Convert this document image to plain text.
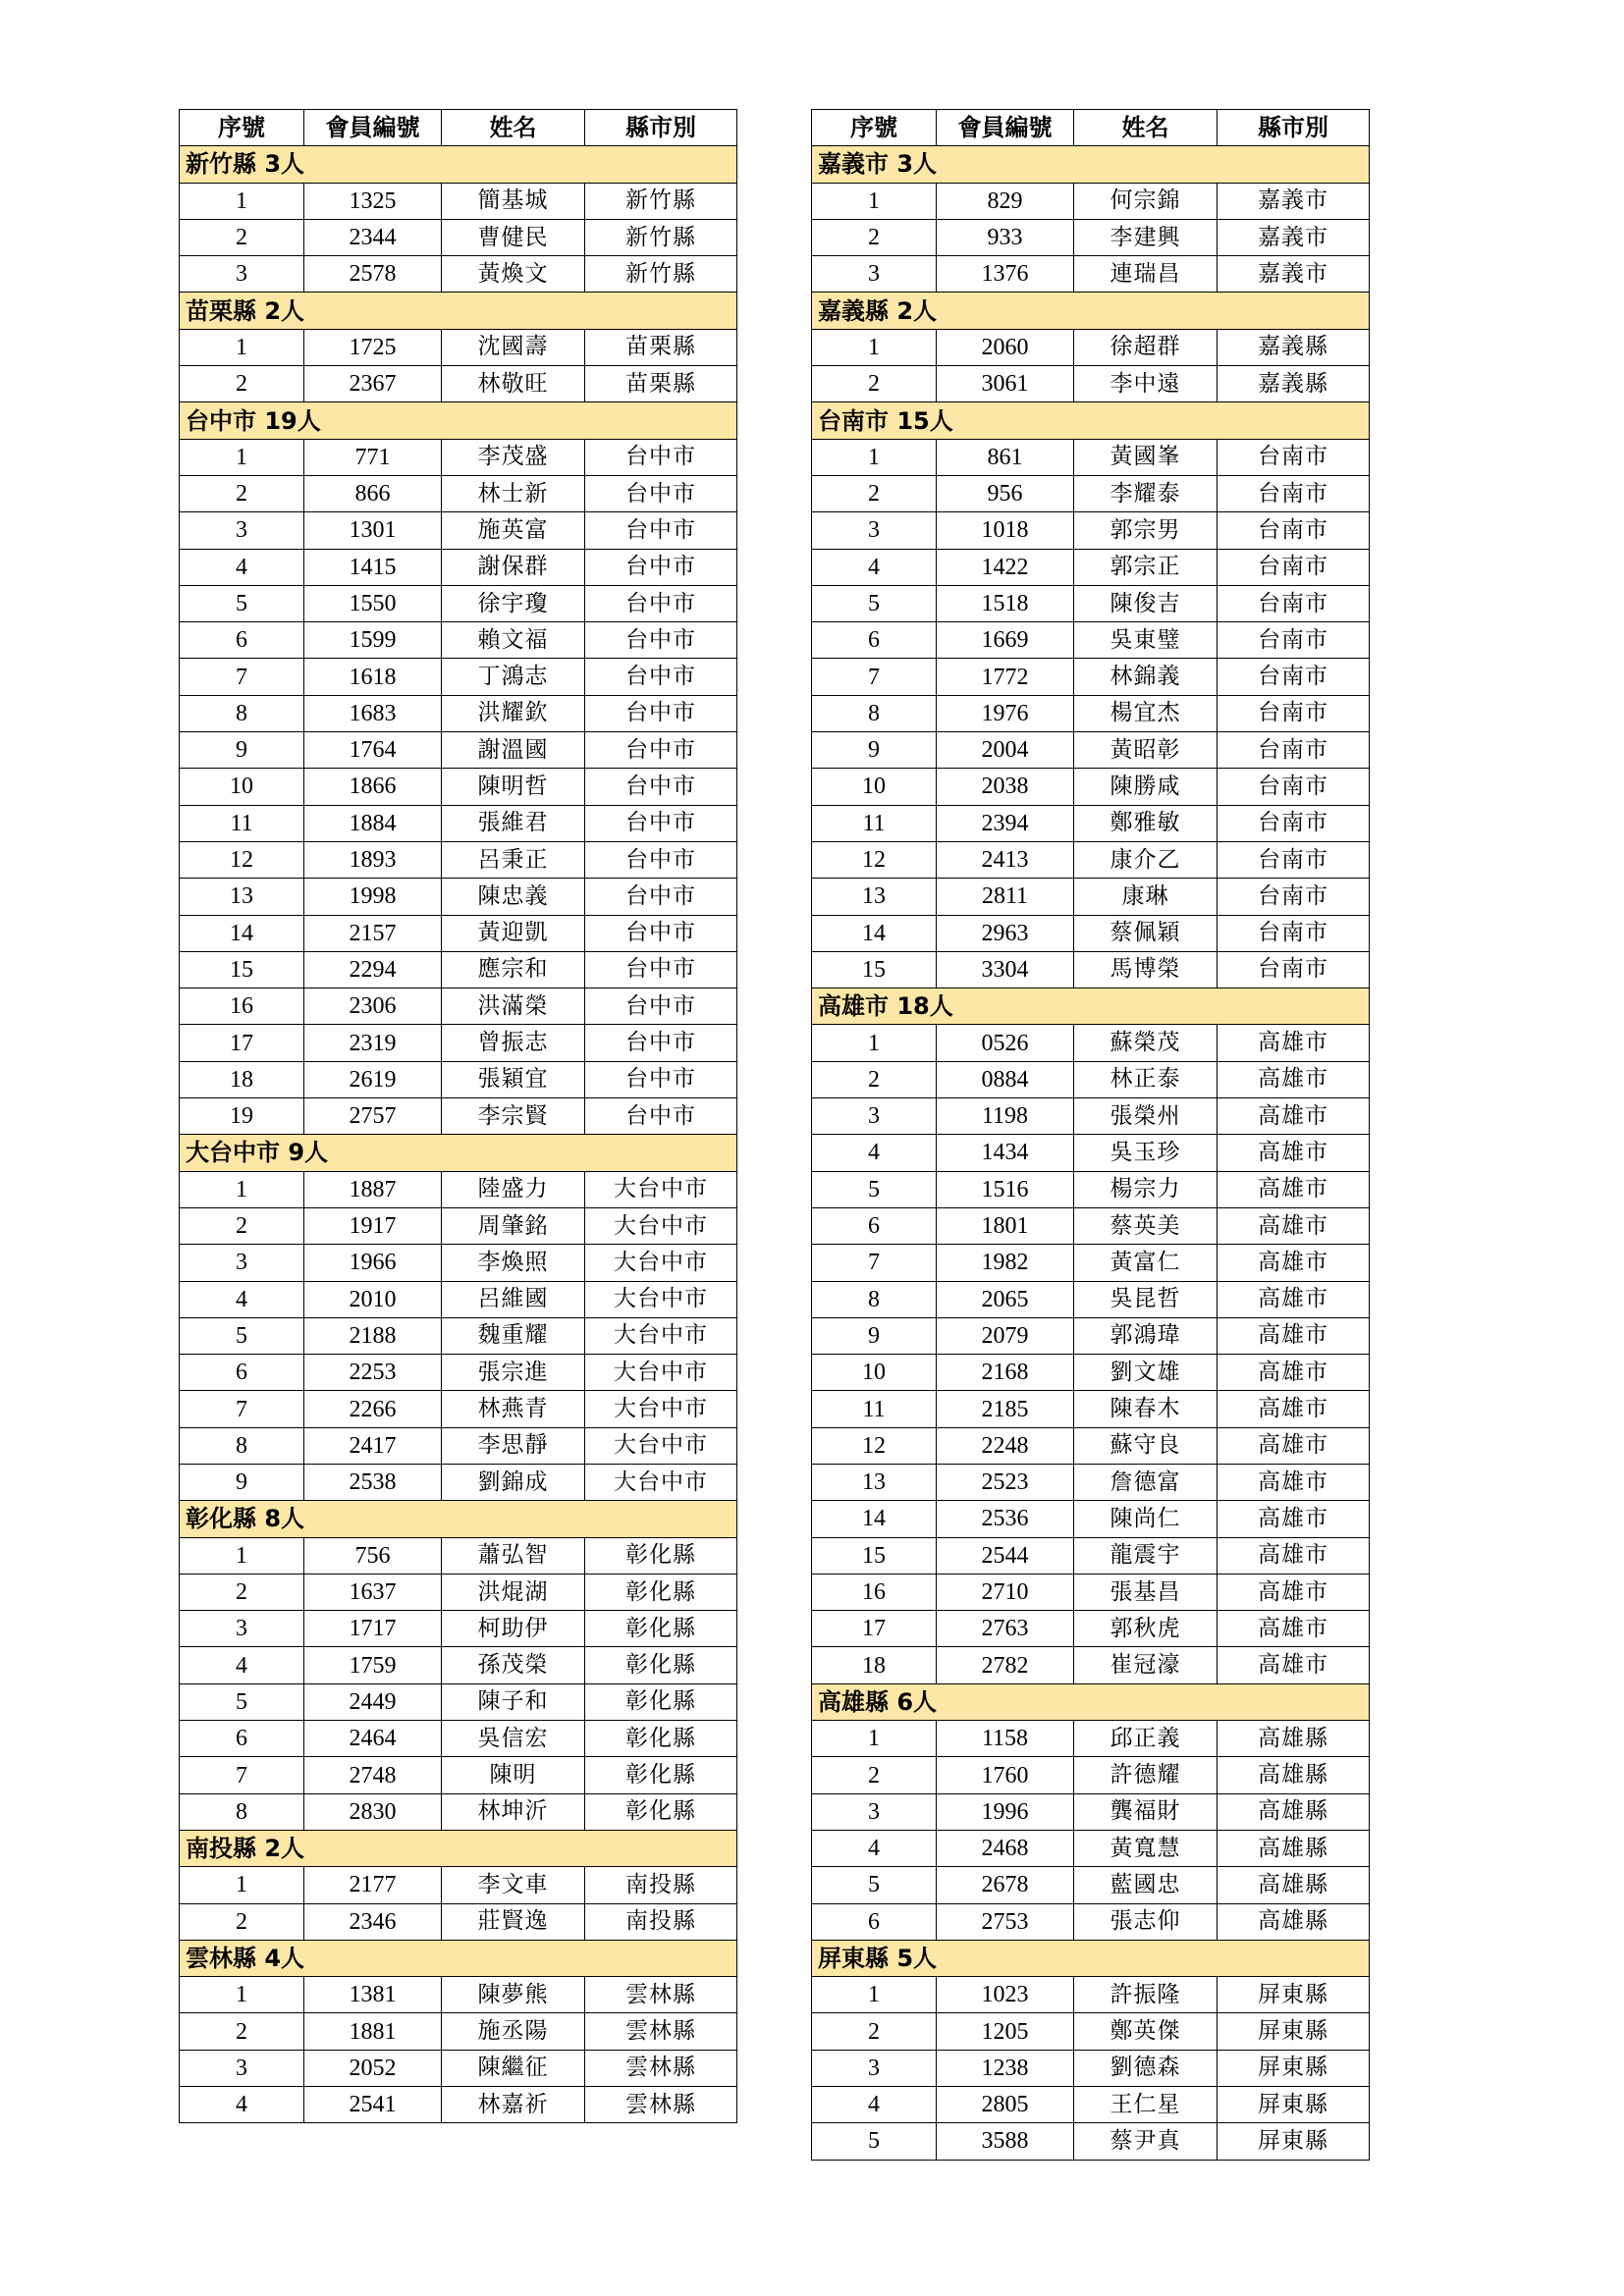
序號	會員編號	姓名	縣市別
新竹縣 3人			
1	1325	簡基城	新竹縣
2	2344	曹健民	新竹縣
3	2578	黃煥文	新竹縣
苗栗縣 2人			
1	1725	沈國壽	苗栗縣
2	2367	林敬旺	苗栗縣
台中市 19人			
1	771	李茂盛	台中市
2	866	林士新	台中市
3	1301	施英富	台中市
4	1415	謝保群	台中市
5	1550	徐宇瓊	台中市
6	1599	賴文福	台中市
7	1618	丁鴻志	台中市
8	1683	洪耀欽	台中市
9	1764	謝溫國	台中市
10	1866	陳明哲	台中市
11	1884	張維君	台中市
12	1893	呂秉正	台中市
13	1998	陳忠義	台中市
14	2157	黃迎凱	台中市
15	2294	應宗和	台中市
16	2306	洪滿榮	台中市
17	2319	曾振志	台中市
18	2619	張穎宜	台中市
19	2757	李宗賢	台中市
大台中市 9人			
1	1887	陸盛力	大台中市
2	1917	周肇銘	大台中市
3	1966	李煥照	大台中市
4	2010	呂維國	大台中市
5	2188	魏重耀	大台中市
6	2253	張宗進	大台中市
7	2266	林燕青	大台中市
8	2417	李思靜	大台中市
9	2538	劉錦成	大台中市
彰化縣 8人			
1	756	蕭弘智	彰化縣
2	1637	洪焜湖	彰化縣
3	1717	柯助伊	彰化縣
4	1759	孫茂榮	彰化縣
5	2449	陳子和	彰化縣
6	2464	吳信宏	彰化縣
7	2748	陳明	彰化縣
8	2830	林坤沂	彰化縣
南投縣 2人			
1	2177	李文車	南投縣
2	2346	莊賢逸	南投縣
雲林縣 4人			
1	1381	陳夢熊	雲林縣
2	1881	施丞陽	雲林縣
3	2052	陳繼征	雲林縣
4	2541	林嘉祈	雲林縣
序號	會員編號	姓名	縣市別
嘉義市 3人			
1	829	何宗錦	嘉義市
2	933	李建興	嘉義市
3	1376	連瑞昌	嘉義市
嘉義縣 2人			
1	2060	徐超群	嘉義縣
2	3061	李中遠	嘉義縣
台南市 15人			
1	861	黃國峯	台南市
2	956	李耀泰	台南市
3	1018	郭宗男	台南市
4	1422	郭宗正	台南市
5	1518	陳俊吉	台南市
6	1669	吳東璧	台南市
7	1772	林錦義	台南市
8	1976	楊宜杰	台南市
9	2004	黃昭彰	台南市
10	2038	陳勝咸	台南市
11	2394	鄭雅敏	台南市
12	2413	康介乙	台南市
13	2811	康琳	台南市
14	2963	蔡佩穎	台南市
15	3304	馬博榮	台南市
高雄市 18人			
1	0526	蘇榮茂	高雄市
2	0884	林正泰	高雄市
3	1198	張榮州	高雄市
4	1434	吳玉珍	高雄市
5	1516	楊宗力	高雄市
6	1801	蔡英美	高雄市
7	1982	黃富仁	高雄市
8	2065	吳昆哲	高雄市
9	2079	郭鴻瑋	高雄市
10	2168	劉文雄	高雄市
11	2185	陳春木	高雄市
12	2248	蘇守良	高雄市
13	2523	詹德富	高雄市
14	2536	陳尚仁	高雄市
15	2544	龍震宇	高雄市
16	2710	張基昌	高雄市
17	2763	郭秋虎	高雄市
18	2782	崔冠濠	高雄市
高雄縣 6人			
1	1158	邱正義	高雄縣
2	1760	許德耀	高雄縣
3	1996	龔福財	高雄縣
4	2468	黃寬慧	高雄縣
5	2678	藍國忠	高雄縣
6	2753	張志仰	高雄縣
屏東縣 5人			
1	1023	許振隆	屏東縣
2	1205	鄭英傑	屏東縣
3	1238	劉德森	屏東縣
4	2805	王仁星	屏東縣
5	3588	蔡尹真	屏東縣
